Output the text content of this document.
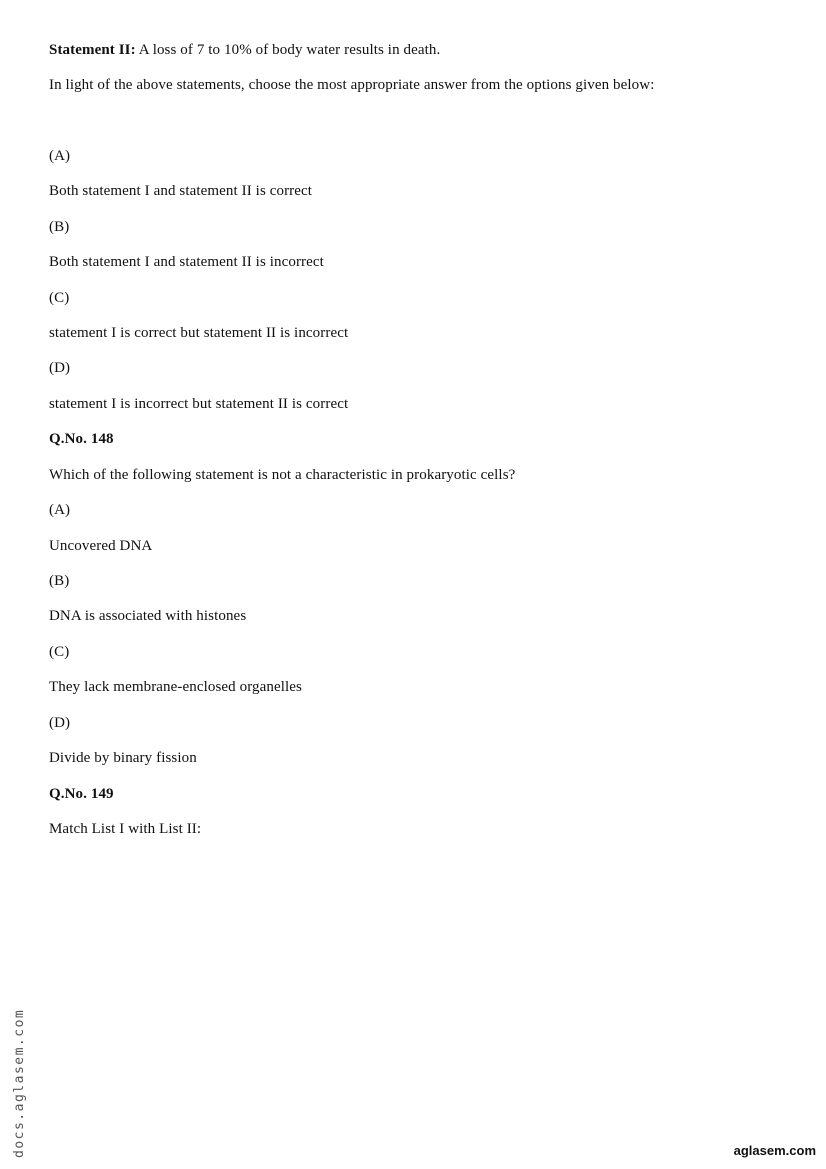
Statement II: A loss of 7 to 10% of body water results in death.
In light of the above statements, choose the most appropriate answer from the options given below:
(A)
Both statement I and statement II is correct
(B)
Both statement I and statement II is incorrect
(C)
statement I is correct but statement II is incorrect
(D)
statement I is incorrect but statement II is correct
Q.No. 148
Which of the following statement is not a characteristic in prokaryotic cells?
(A)
Uncovered DNA
(B)
DNA is associated with histones
(C)
They lack membrane-enclosed organelles
(D)
Divide by binary fission
Q.No. 149
Match List I with List II:
docs.aglasem.com	aglasem.com
